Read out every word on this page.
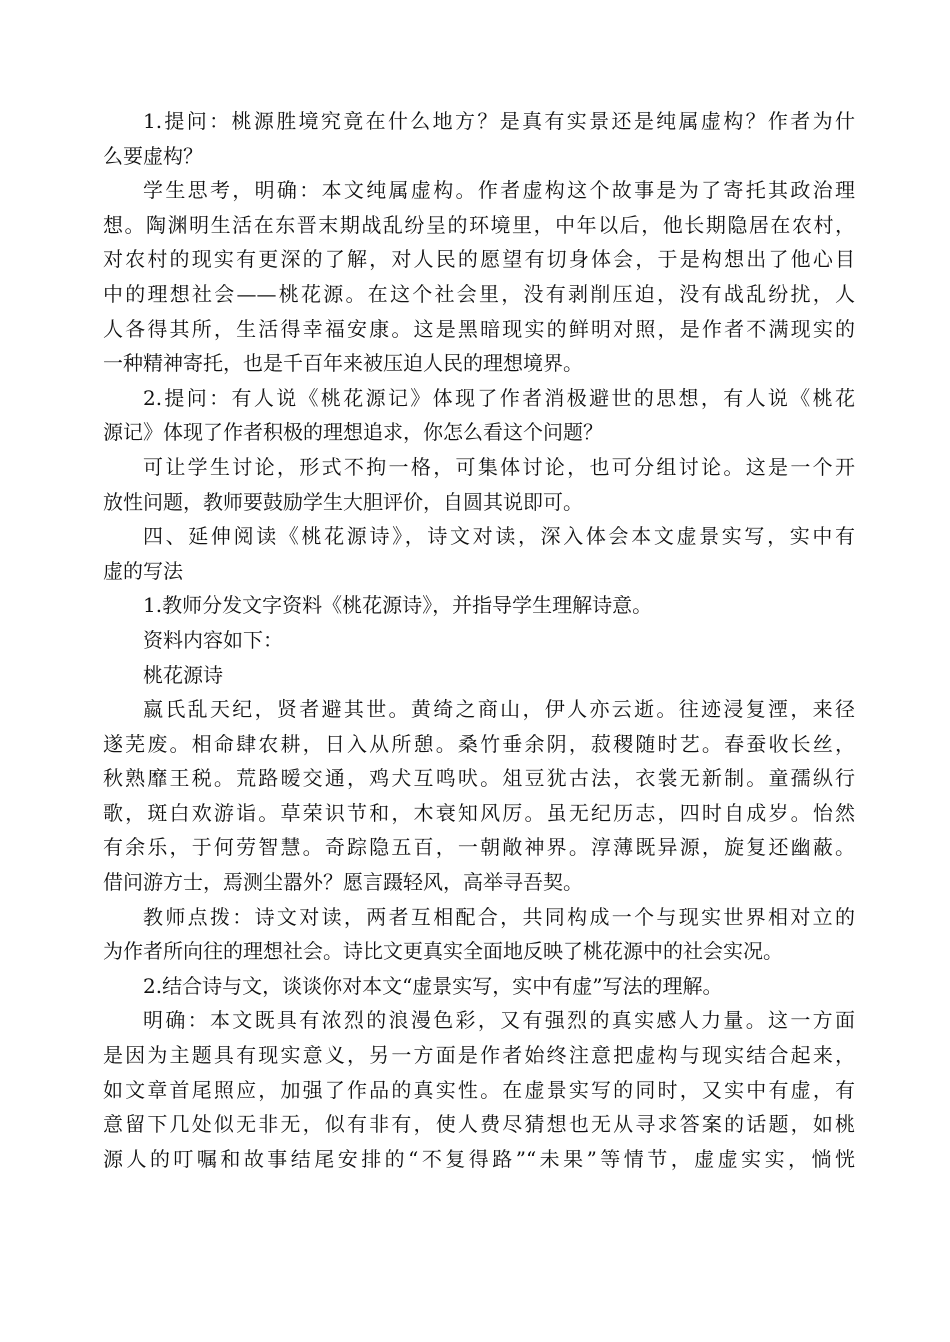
1.提问：桃源胜境究竟在什么地方？是真有实景还是纯属虚构？作者为什
么要虚构？

学生思考，明确：本文纯属虚构。作者虚构这个故事是为了寄托其政治理
想。陶渊明生活在东晋末期战乱纷呈的环境里，中年以后，他长期隐居在农村，
对农村的现实有更深的了解，对人民的愿望有切身体会，于是构想出了他心目
中的理想社会——桃花源。在这个社会里，没有剥削压迫，没有战乱纷扰，人
人各得其所，生活得幸福安康。这是黑暗现实的鲜明对照，是作者不满现实的
一种精神寄托，也是千百年来被压迫人民的理想境界。

2.提问：有人说《桃花源记》体现了作者消极避世的思想，有人说《桃花
源记》体现了作者积极的理想追求，你怎么看这个问题？

可让学生讨论，形式不拘一格，可集体讨论，也可分组讨论。这是一个开
放性问题，教师要鼓励学生大胆评价，自圆其说即可。

四、延伸阅读《桃花源诗》，诗文对读，深入体会本文虚景实写，实中有
虚的写法

1.教师分发文字资料《桃花源诗》，并指导学生理解诗意。

资料内容如下：

桃花源诗

嬴氏乱天纪，贤者避其世。黄绮之商山，伊人亦云逝。往迹浸复湮，来径
遂芜废。相命肆农耕，日入从所憩。桑竹垂余阴，菽稷随时艺。春蚕收长丝，
秋熟靡王税。荒路暧交通，鸡犬互鸣吠。俎豆犹古法，衣裳无新制。童孺纵行
歌，斑白欢游诣。草荣识节和，木衰知风厉。虽无纪历志，四时自成岁。怡然
有余乐，于何劳智慧。奇踪隐五百，一朝敞神界。淳薄既异源，旋复还幽蔽。
借问游方士，焉测尘嚣外？愿言蹑轻风，高举寻吾契。

教师点拨：诗文对读，两者互相配合，共同构成一个与现实世界相对立的
为作者所向往的理想社会。诗比文更真实全面地反映了桃花源中的社会实况。

2.结合诗与文，谈谈你对本文“虚景实写，实中有虚”写法的理解。

明确：本文既具有浓烈的浪漫色彩，又有强烈的真实感人力量。这一方面
是因为主题具有现实意义，另一方面是作者始终注意把虚构与现实结合起来，
如文章首尾照应，加强了作品的真实性。在虚景实写的同时，又实中有虚，有
意留下几处似无非无，似有非有，使人费尽猜想也无从寻求答案的话题，如桃
源人的叮嘱和故事结尾安排的“不复得路”“未果”等情节，虚虚实实，惝恍
